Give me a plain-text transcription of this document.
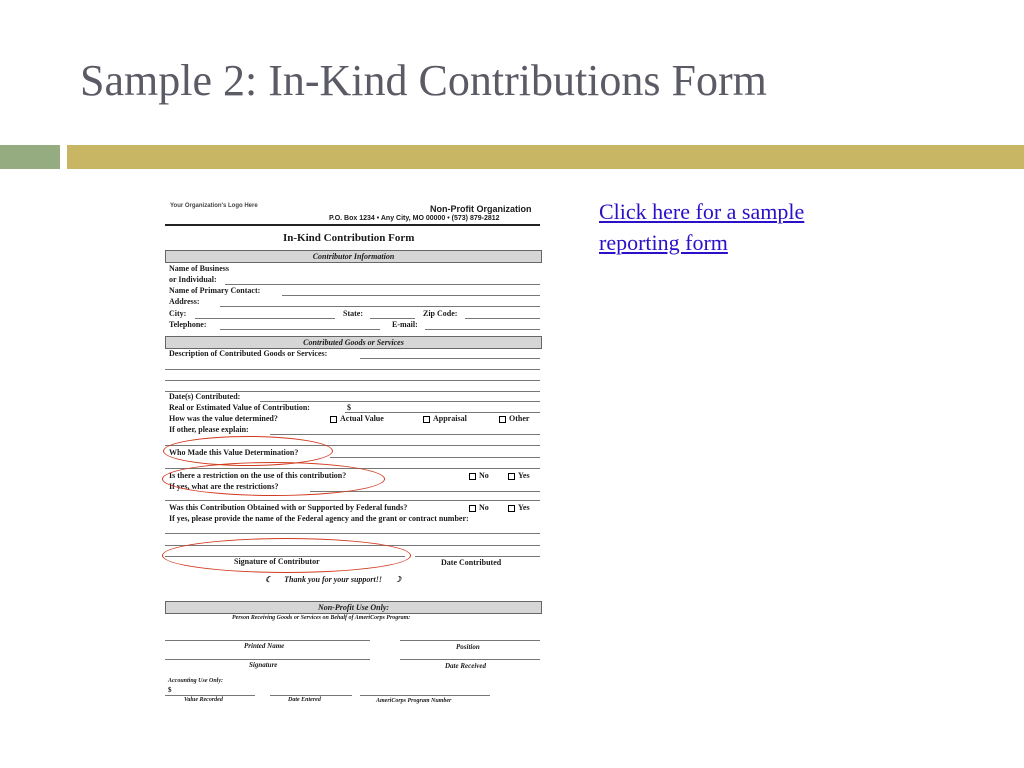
Sample 2: In-Kind Contributions Form
Click here for a sample
reporting form
Your Organization's Logo Here	Non-Profit Organization
P.O. Box 1234 • Any City, MO 00000 • (573) 879-2812
In-Kind Contribution Form
Contributor Information
Name of Business
or Individual:
Name of Primary Contact:
Address:
City:	State:	Zip Code:
Telephone:	E-mail:
Contributed Goods or Services
Description of Contributed Goods or Services:
Date(s) Contributed:
Real or Estimated Value of Contribution:	$
How was the value determined?	Actual Value	Appraisal	Other
If other, please explain:
Who Made this Value Determination?
Is there a restriction on the use of this contribution?	No	Yes
If yes, what are the restrictions?
Was this Contribution Obtained with or Supported by Federal funds?	No	Yes
If yes, please provide the name of the Federal agency and the grant or contract number:
Signature of Contributor	Date Contributed
☾ Thank you for your support!! ☽
Non-Profit Use Only:
Person Receiving Goods or Services on Behalf of AmeriCorps Program:
Printed Name	Position
Signature	Date Received
Accounting Use Only:
$
Value Recorded	Date Entered	AmeriCorps Program Number
